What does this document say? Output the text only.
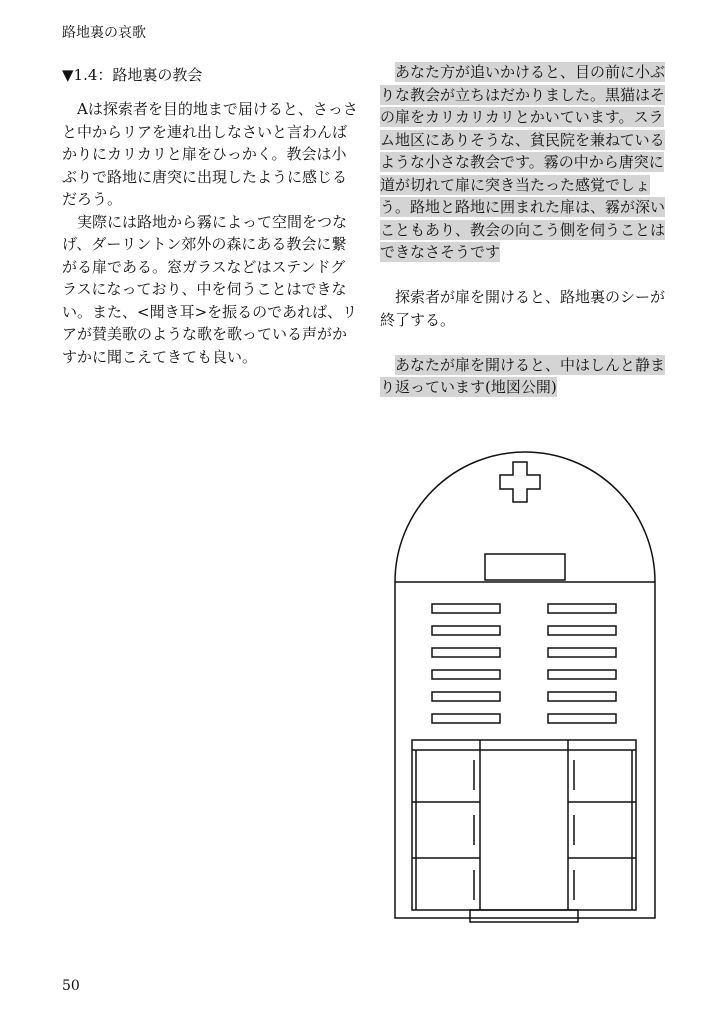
路地裏の哀歌
▼1.4：路地裏の教会

Aは探索者を目的地まで届けると、さっさと中からリアを連れ出しなさいと言わんばかりにカリカリと扉をひっかく。教会は小ぶりで路地に唐突に出現したように感じるだろう。

実際には路地から霧によって空間をつなげ、ダーリントン郊外の森にある教会に繋がる扉である。窓ガラスなどはステンドグラスになっており、中を伺うことはできない。また、<聞き耳>を振るのであれば、リアが賛美歌のような歌を歌っている声がかすかに聞こえてきても良い。

あなた方が追いかけると、目の前に小ぶりな教会が立ちはだかりました。黒猫はその扉をカリカリカリとかいています。スラム地区にありそうな、貧民院を兼ねているような小さな教会です。霧の中から唐突に道が切れて扉に突き当たった感覚でしょう。路地と路地に囲まれた扉は、霧が深いこともあり、教会の向こう側を伺うことはできなさそうです

探索者が扉を開けると、路地裏のシーが終了する。

あなたが扉を開けると、中はしんと静まり返っています(地図公開)

50
